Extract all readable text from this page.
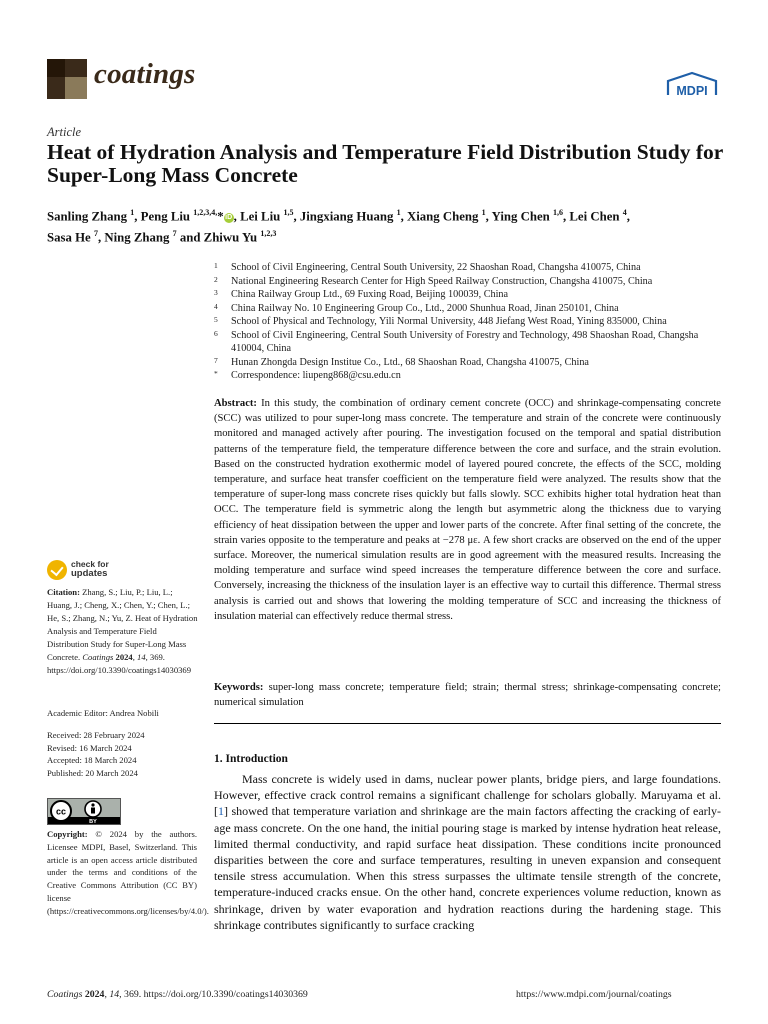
coatings
MDPI
Article
Heat of Hydration Analysis and Temperature Field Distribution Study for Super-Long Mass Concrete
Sanling Zhang $^1$, Peng Liu $^{1,2,3,4,}$* iD , Lei Liu $^{1,5}$, Jingxiang Huang $^1$, Xiang Cheng $^1$, Ying Chen $^{1,6}$, Lei Chen $^4$,
Sasa He $^7$, Ning Zhang $^7$ and Zhiwu Yu $^{1,2,3}$
1 School of Civil Engineering, Central South University, 22 Shaoshan Road, Changsha 410075, China
2 National Engineering Research Center for High Speed Railway Construction, Changsha 410075, China
3 China Railway Group Ltd., 69 Fuxing Road, Beijing 100039, China
4 China Railway No. 10 Engineering Group Co., Ltd., 2000 Shunhua Road, Jinan 250101, China
5 School of Physical and Technology, Yili Normal University, 448 Jiefang West Road, Yining 835000, China
6 School of Civil Engineering, Central South University of Forestry and Technology, 498 Shaoshan Road, Changsha 410004, China
7 Hunan Zhongda Design Institue Co., Ltd., 68 Shaoshan Road, Changsha 410075, China
* Correspondence: liupeng868@csu.edu.cn
Abstract: In this study, the combination of ordinary cement concrete (OCC) and shrinkage-compensating concrete (SCC) was utilized to pour super-long mass concrete. The temperature and strain of the concrete were continuously monitored and managed actively after pouring. The investigation focused on the temporal and spatial distribution patterns of the temperature field, the temperature difference between the core and surface, and the strain evolution. Based on the constructed hydration exothermic model of layered poured concrete, the effects of the SCC, molding temperature, and surface heat transfer coefficient on the temperature field were analyzed. The results show that the temperature of super-long mass concrete rises quickly but falls slowly. SCC exhibits higher total hydration heat than OCC. The temperature field is symmetric along the length but asymmetric along the thickness due to varying efficiency of heat dissipation between the upper and lower parts of the concrete. After final setting of the concrete, the strain varies opposite to the temperature and peaks at −278 με. A few short cracks are observed on the end of the upper surface. Moreover, the numerical simulation results are in good agreement with the measured results. Increasing the molding temperature and surface wind speed increases the temperature difference between the core and surface. Conversely, increasing the thickness of the insulation layer is an effective way to curtail this difference. Thermal stress analysis is carried out and shows that lowering the molding temperature of SCC and increasing the thickness of insulation material can effectively reduce thermal stress.
Keywords: super-long mass concrete; temperature field; strain; thermal stress; shrinkage-compensating concrete; numerical simulation
1. Introduction
Mass concrete is widely used in dams, nuclear power plants, bridge piers, and large foundations. However, effective crack control remains a significant challenge for scholars globally. Maruyama et al. [1] showed that temperature variation and shrinkage are the main factors affecting the cracking of early-age mass concrete. On the one hand, the initial pouring stage is marked by intense hydration heat release, limited thermal conductivity, and rapid surface heat dissipation. These conditions incite pronounced disparities between the core and surface temperatures, resulting in uneven expansion and consequent tensile stress accumulation. When this stress surpasses the ultimate tensile strength of the concrete, temperature-induced cracks ensue. On the other hand, concrete experiences volume reduction, known as shrinkage, driven by water evaporation and hydration reactions during the hardening stage. This shrinkage contributes significantly to surface cracking
check for
updates
Citation: Zhang, S.; Liu, P.; Liu, L.; Huang, J.; Cheng, X.; Chen, Y.; Chen, L.; He, S.; Zhang, N.; Yu, Z. Heat of Hydration Analysis and Temperature Field Distribution Study for Super-Long Mass Concrete. Coatings 2024, 14, 369. https://doi.org/10.3390/coatings14030369
Academic Editor: Andrea Nobili
Received: 28 February 2024
Revised: 16 March 2024
Accepted: 18 March 2024
Published: 20 March 2024
cc
BY
Copyright: © 2024 by the authors. Licensee MDPI, Basel, Switzerland. This article is an open access article distributed under the terms and conditions of the Creative Commons Attribution (CC BY) license (https://creativecommons.org/licenses/by/4.0/).
Coatings 2024, 14, 369. https://doi.org/10.3390/coatings14030369	https://www.mdpi.com/journal/coatings
